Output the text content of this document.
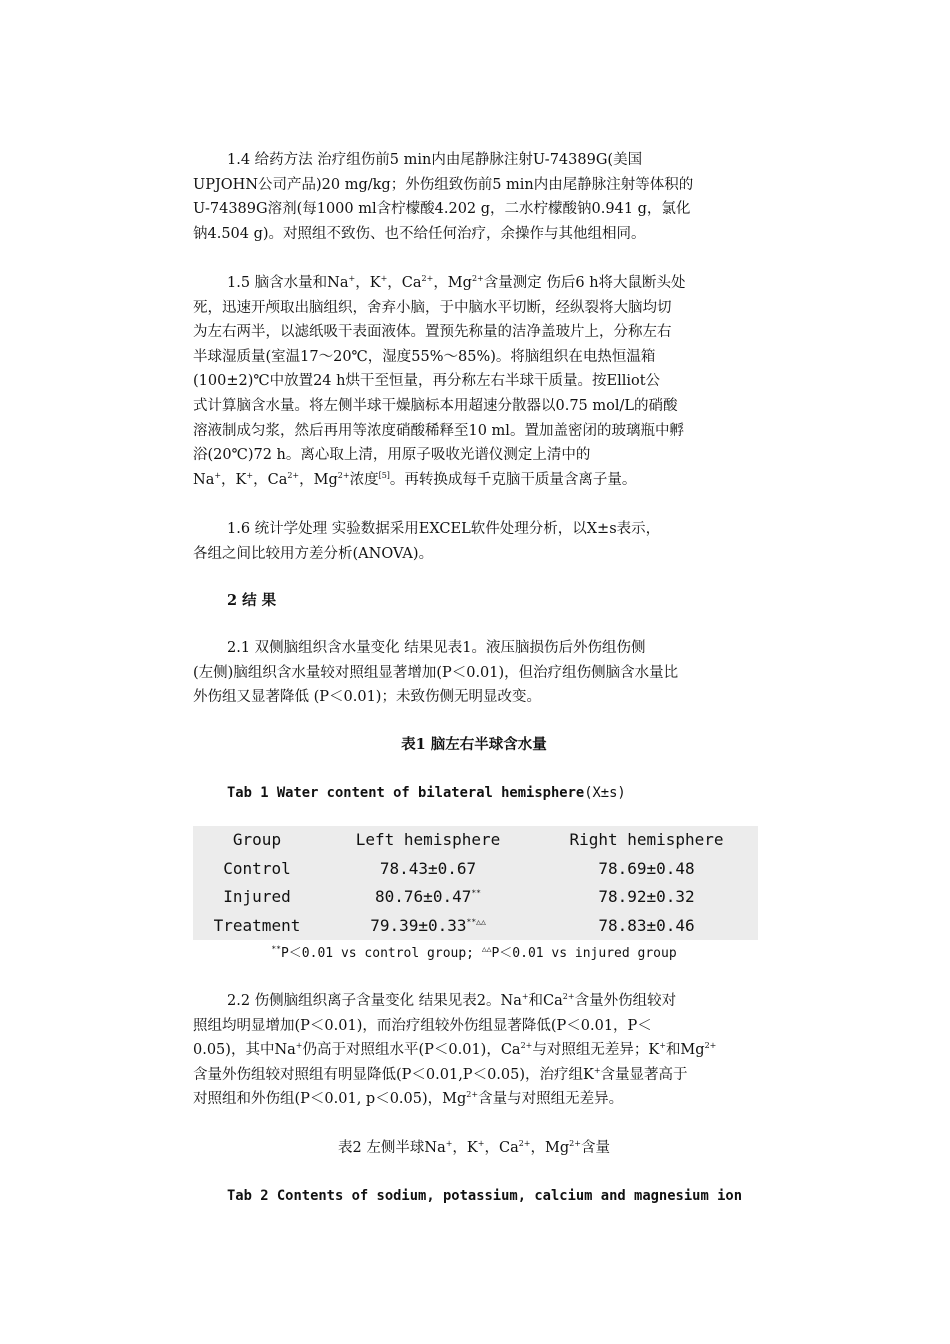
1.4 给药方法 治疗组伤前5 min内由尾静脉注射U-74389G(美国
UPJOHN公司产品)20 mg/kg；外伤组致伤前5 min内由尾静脉注射等体积的
U-74389G溶剂(每1000 ml含柠檬酸4.202 g，二水柠檬酸钠0.941 g，氯化
钠4.504 g)。对照组不致伤、也不给任何治疗，余操作与其他组相同。
1.5 脑含水量和Na+，K+，$Ca^{2+}$，$Mg^{2+}$含量测定 伤后6 h将大鼠断头处
死，迅速开颅取出脑组织，舍弃小脑，于中脑水平切断，经纵裂将大脑均切
为左右两半，以滤纸吸干表面液体。置预先称量的洁净盖玻片上，分称左右
半球湿质量(室温17～20℃，湿度55%～85%)。将脑组织在电热恒温箱
(100±2)℃中放置24 h烘干至恒量，再分称左右半球干质量。按Elliot公
式计算脑含水量。将左侧半球干燥脑标本用超速分散器以0.75 mol/L的硝酸
溶液制成匀浆，然后再用等浓度硝酸稀释至10 ml。置加盖密闭的玻璃瓶中孵
浴(20℃)72 h。离心取上清，用原子吸收光谱仪测定上清中的
Na+，K+，$Ca^{2+}$，$Mg^{2+}$浓度[5]。再转换成每千克脑干质量含离子量。
1.6 统计学处理 实验数据采用EXCEL软件处理分析，以X±s表示，
各组之间比较用方差分析(ANOVA)。
2 结 果
2.1 双侧脑组织含水量变化 结果见表1。液压脑损伤后外伤组伤侧
(左侧)脑组织含水量较对照组显著增加(P＜0.01)，但治疗组伤侧脑含水量比
外伤组又显著降低 (P＜0.01)；未致伤侧无明显改变。
表1 脑左右半球含水量
Tab 1 Water content of bilateral hemisphere(X±s)
Group	Left hemisphere	Right hemisphere
Control	78.43±0.67	78.69±0.48
Injured	80.76±0.47**	78.92±0.32
Treatment	79.39±0.33**△△	78.83±0.46
**P＜0.01 vs control group; △△P＜0.01 vs injured group
2.2 伤侧脑组织离子含量变化 结果见表2。Na+和$Ca^{2+}$含量外伤组较对
照组均明显增加(P＜0.01)，而治疗组较外伤组显著降低(P＜0.01，P＜
0.05)，其中Na+仍高于对照组水平(P＜0.01)，$Ca^{2+}$与对照组无差异；K+和$Mg^{2+}$
含量外伤组较对照组有明显降低(P＜0.01,P＜0.05)，治疗组K+含量显著高于
对照组和外伤组(P＜0.01, p＜0.05)，$Mg^{2+}$含量与对照组无差异。
表2 左侧半球Na+，K+，$Ca^{2+}$，$Mg^{2+}$含量
Tab 2 Contents of sodium, potassium, calcium and magnesium ion
